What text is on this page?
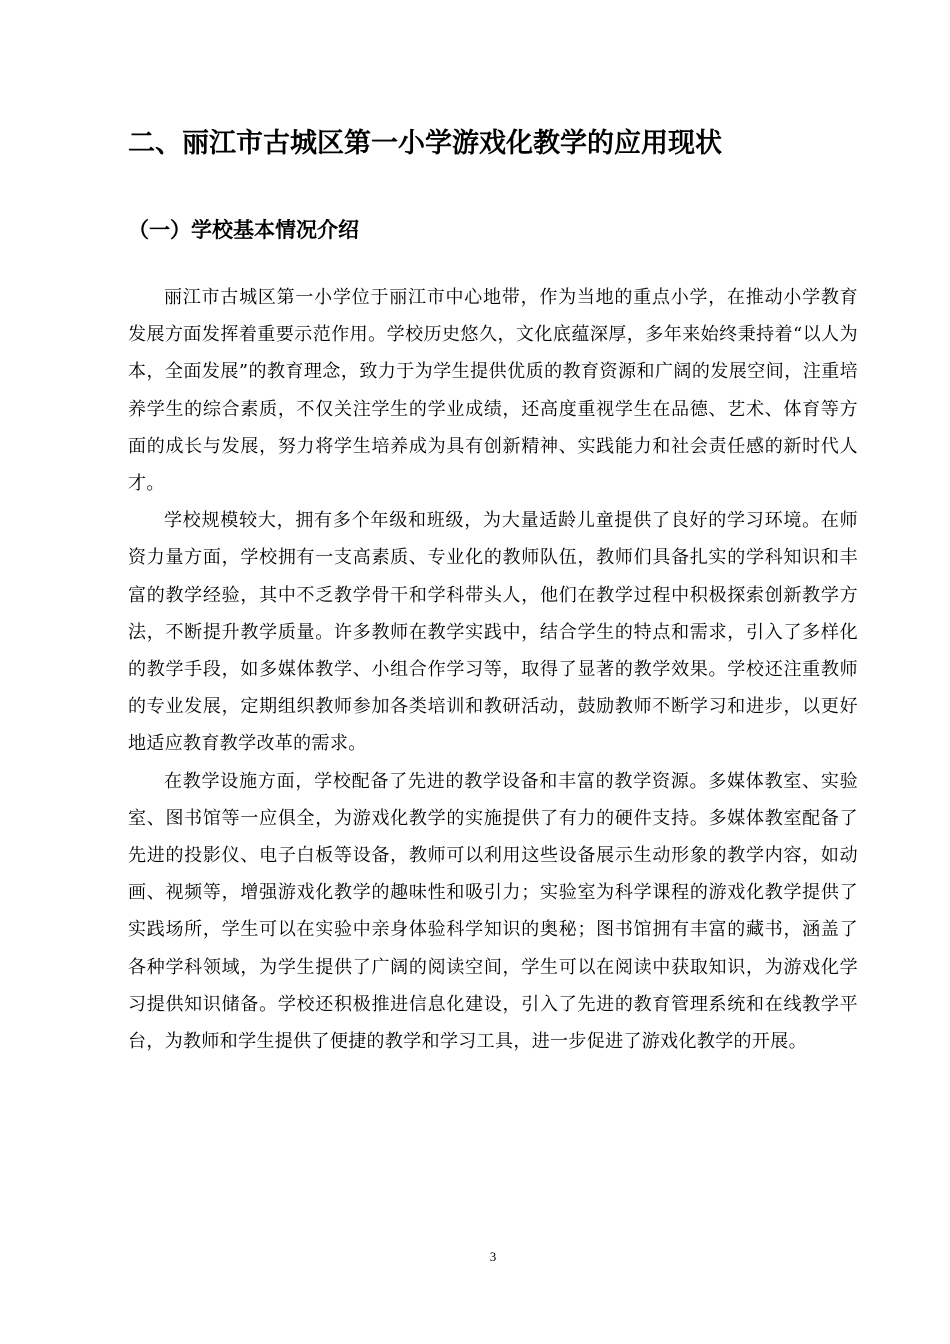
二、丽江市古城区第一小学游戏化教学的应用现状
（一）学校基本情况介绍

丽江市古城区第一小学位于丽江市中心地带，作为当地的重点小学，在推动小学教育发展方面发挥着重要示范作用。学校历史悠久，文化底蕴深厚，多年来始终秉持着“以人为本，全面发展”的教育理念，致力于为学生提供优质的教育资源和广阔的发展空间，注重培养学生的综合素质，不仅关注学生的学业成绩，还高度重视学生在品德、艺术、体育等方面的成长与发展，努力将学生培养成为具有创新精神、实践能力和社会责任感的新时代人才。

学校规模较大，拥有多个年级和班级，为大量适龄儿童提供了良好的学习环境。在师资力量方面，学校拥有一支高素质、专业化的教师队伍，教师们具备扎实的学科知识和丰富的教学经验，其中不乏教学骨干和学科带头人，他们在教学过程中积极探索创新教学方法，不断提升教学质量。许多教师在教学实践中，结合学生的特点和需求，引入了多样化的教学手段，如多媒体教学、小组合作学习等，取得了显著的教学效果。学校还注重教师的专业发展，定期组织教师参加各类培训和教研活动，鼓励教师不断学习和进步，以更好地适应教育教学改革的需求。

在教学设施方面，学校配备了先进的教学设备和丰富的教学资源。多媒体教室、实验室、图书馆等一应俱全，为游戏化教学的实施提供了有力的硬件支持。多媒体教室配备了先进的投影仪、电子白板等设备，教师可以利用这些设备展示生动形象的教学内容，如动画、视频等，增强游戏化教学的趣味性和吸引力；实验室为科学课程的游戏化教学提供了实践场所，学生可以在实验中亲身体验科学知识的奥秘；图书馆拥有丰富的藏书，涵盖了各种学科领域，为学生提供了广阔的阅读空间，学生可以在阅读中获取知识，为游戏化学习提供知识储备。学校还积极推进信息化建设，引入了先进的教育管理系统和在线教学平台，为教师和学生提供了便捷的教学和学习工具，进一步促进了游戏化教学的开展。

3
